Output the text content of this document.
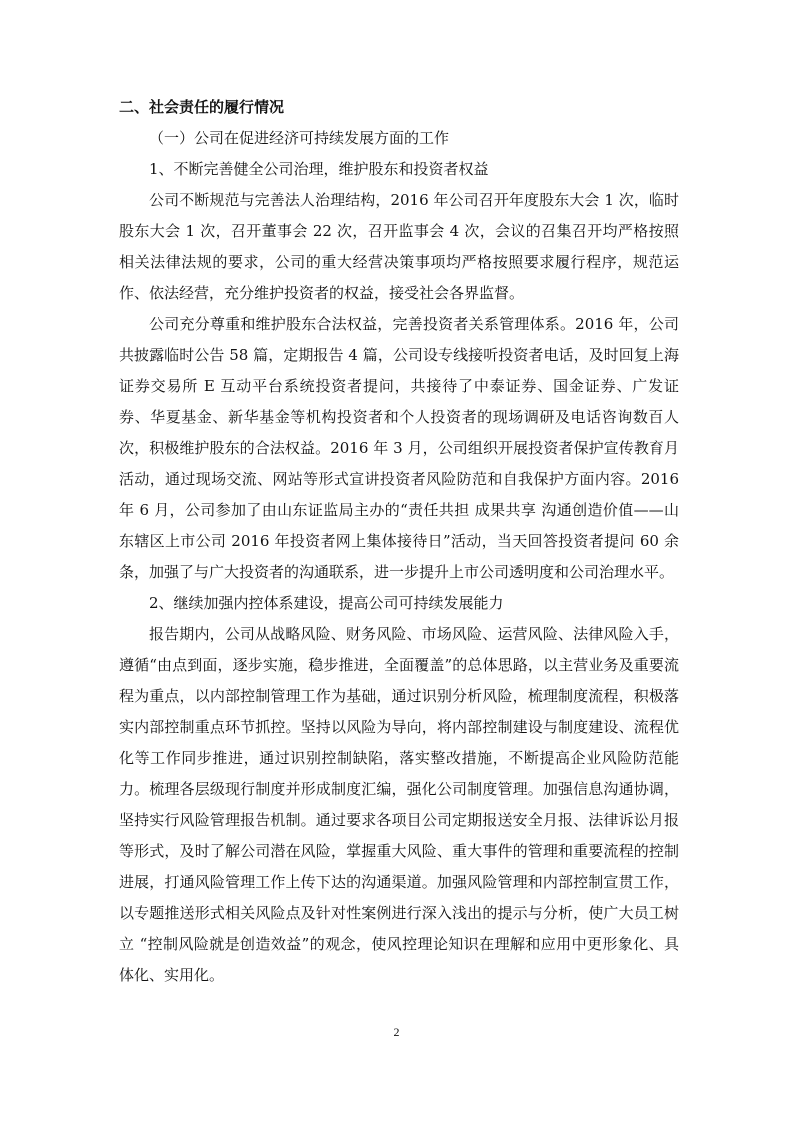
二、社会责任的履行情况

（一）公司在促进经济可持续发展方面的工作

1、不断完善健全公司治理，维护股东和投资者权益

公司不断规范与完善法人治理结构，2016 年公司召开年度股东大会 1 次，临时股东大会 1 次，召开董事会 22 次，召开监事会 4 次，会议的召集召开均严格按照相关法律法规的要求，公司的重大经营决策事项均严格按照要求履行程序，规范运作、依法经营，充分维护投资者的权益，接受社会各界监督。

公司充分尊重和维护股东合法权益，完善投资者关系管理体系。2016 年，公司共披露临时公告 58 篇，定期报告 4 篇，公司设专线接听投资者电话，及时回复上海证券交易所 E 互动平台系统投资者提问，共接待了中泰证券、国金证券、广发证券、华夏基金、新华基金等机构投资者和个人投资者的现场调研及电话咨询数百人次，积极维护股东的合法权益。2016 年 3 月，公司组织开展投资者保护宣传教育月活动，通过现场交流、网站等形式宣讲投资者风险防范和自我保护方面内容。2016 年 6 月，公司参加了由山东证监局主办的“责任共担 成果共享 沟通创造价值——山东辖区上市公司 2016 年投资者网上集体接待日”活动，当天回答投资者提问 60 余条，加强了与广大投资者的沟通联系，进一步提升上市公司透明度和公司治理水平。

2、继续加强内控体系建设，提高公司可持续发展能力

报告期内，公司从战略风险、财务风险、市场风险、运营风险、法律风险入手，遵循“由点到面，逐步实施，稳步推进，全面覆盖”的总体思路，以主营业务及重要流程为重点，以内部控制管理工作为基础，通过识别分析风险，梳理制度流程，积极落实内部控制重点环节抓控。坚持以风险为导向，将内部控制建设与制度建设、流程优化等工作同步推进，通过识别控制缺陷，落实整改措施，不断提高企业风险防范能力。梳理各层级现行制度并形成制度汇编，强化公司制度管理。加强信息沟通协调，坚持实行风险管理报告机制。通过要求各项目公司定期报送安全月报、法律诉讼月报等形式，及时了解公司潜在风险，掌握重大风险、重大事件的管理和重要流程的控制进展，打通风险管理工作上传下达的沟通渠道。加强风险管理和内部控制宣贯工作，以专题推送形式相关风险点及针对性案例进行深入浅出的提示与分析，使广大员工树立 “控制风险就是创造效益”的观念，使风控理论知识在理解和应用中更形象化、具体化、实用化。

2
